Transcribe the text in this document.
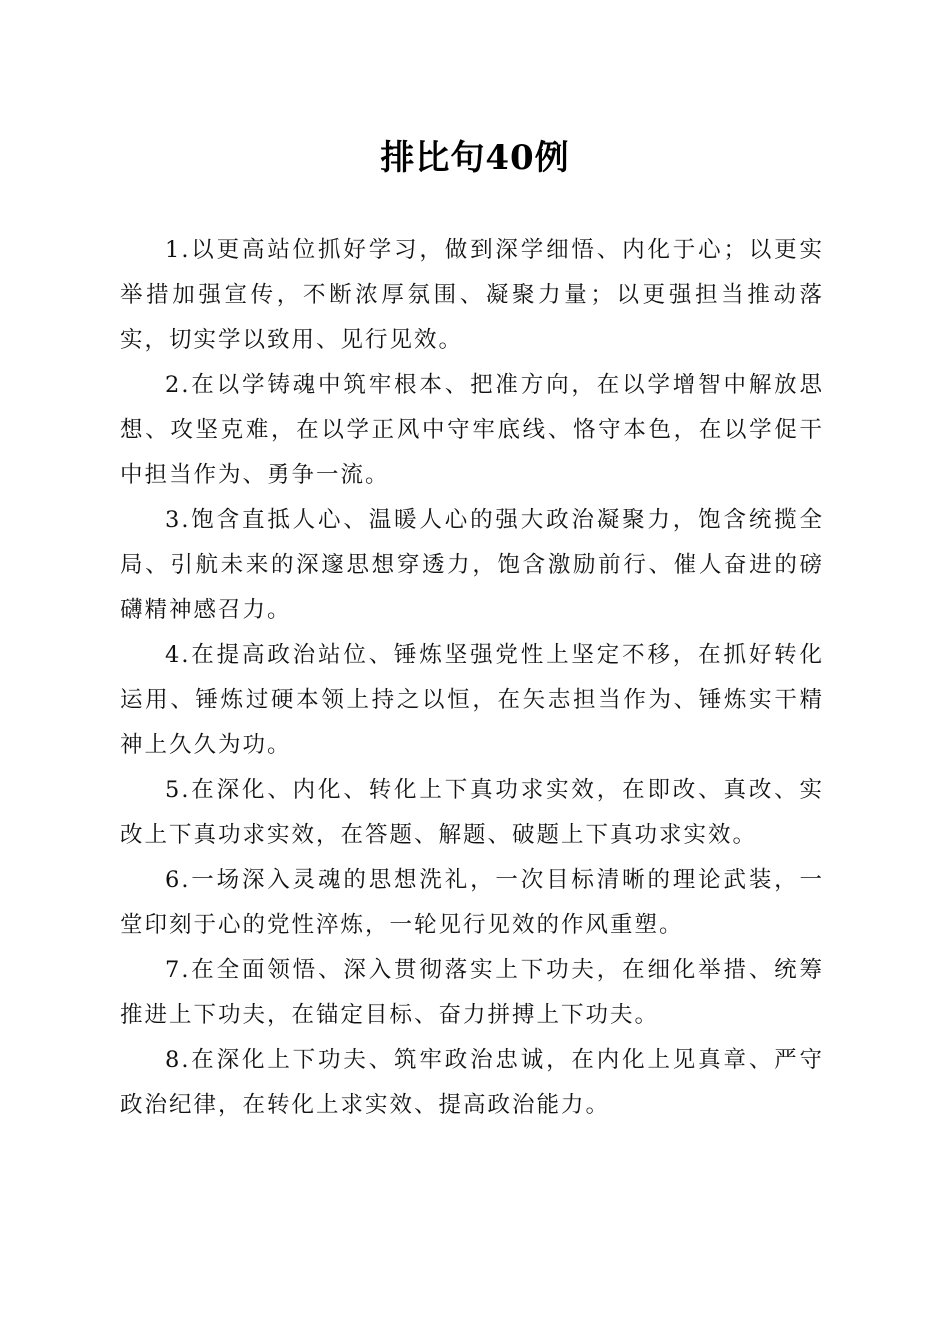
排比句40例

1.以更高站位抓好学习，做到深学细悟、内化于心；以更实举措加强宣传，不断浓厚氛围、凝聚力量；以更强担当推动落实，切实学以致用、见行见效。

2.在以学铸魂中筑牢根本、把准方向，在以学增智中解放思想、攻坚克难，在以学正风中守牢底线、恪守本色，在以学促干中担当作为、勇争一流。

3.饱含直抵人心、温暖人心的强大政治凝聚力，饱含统揽全局、引航未来的深邃思想穿透力，饱含激励前行、催人奋进的磅礴精神感召力。

4.在提高政治站位、锤炼坚强党性上坚定不移，在抓好转化运用、锤炼过硬本领上持之以恒，在矢志担当作为、锤炼实干精神上久久为功。

5.在深化、内化、转化上下真功求实效，在即改、真改、实改上下真功求实效，在答题、解题、破题上下真功求实效。

6.一场深入灵魂的思想洗礼，一次目标清晰的理论武装，一堂印刻于心的党性淬炼，一轮见行见效的作风重塑。

7.在全面领悟、深入贯彻落实上下功夫，在细化举措、统筹推进上下功夫，在锚定目标、奋力拼搏上下功夫。

8.在深化上下功夫、筑牢政治忠诚，在内化上见真章、严守政治纪律，在转化上求实效、提高政治能力。
